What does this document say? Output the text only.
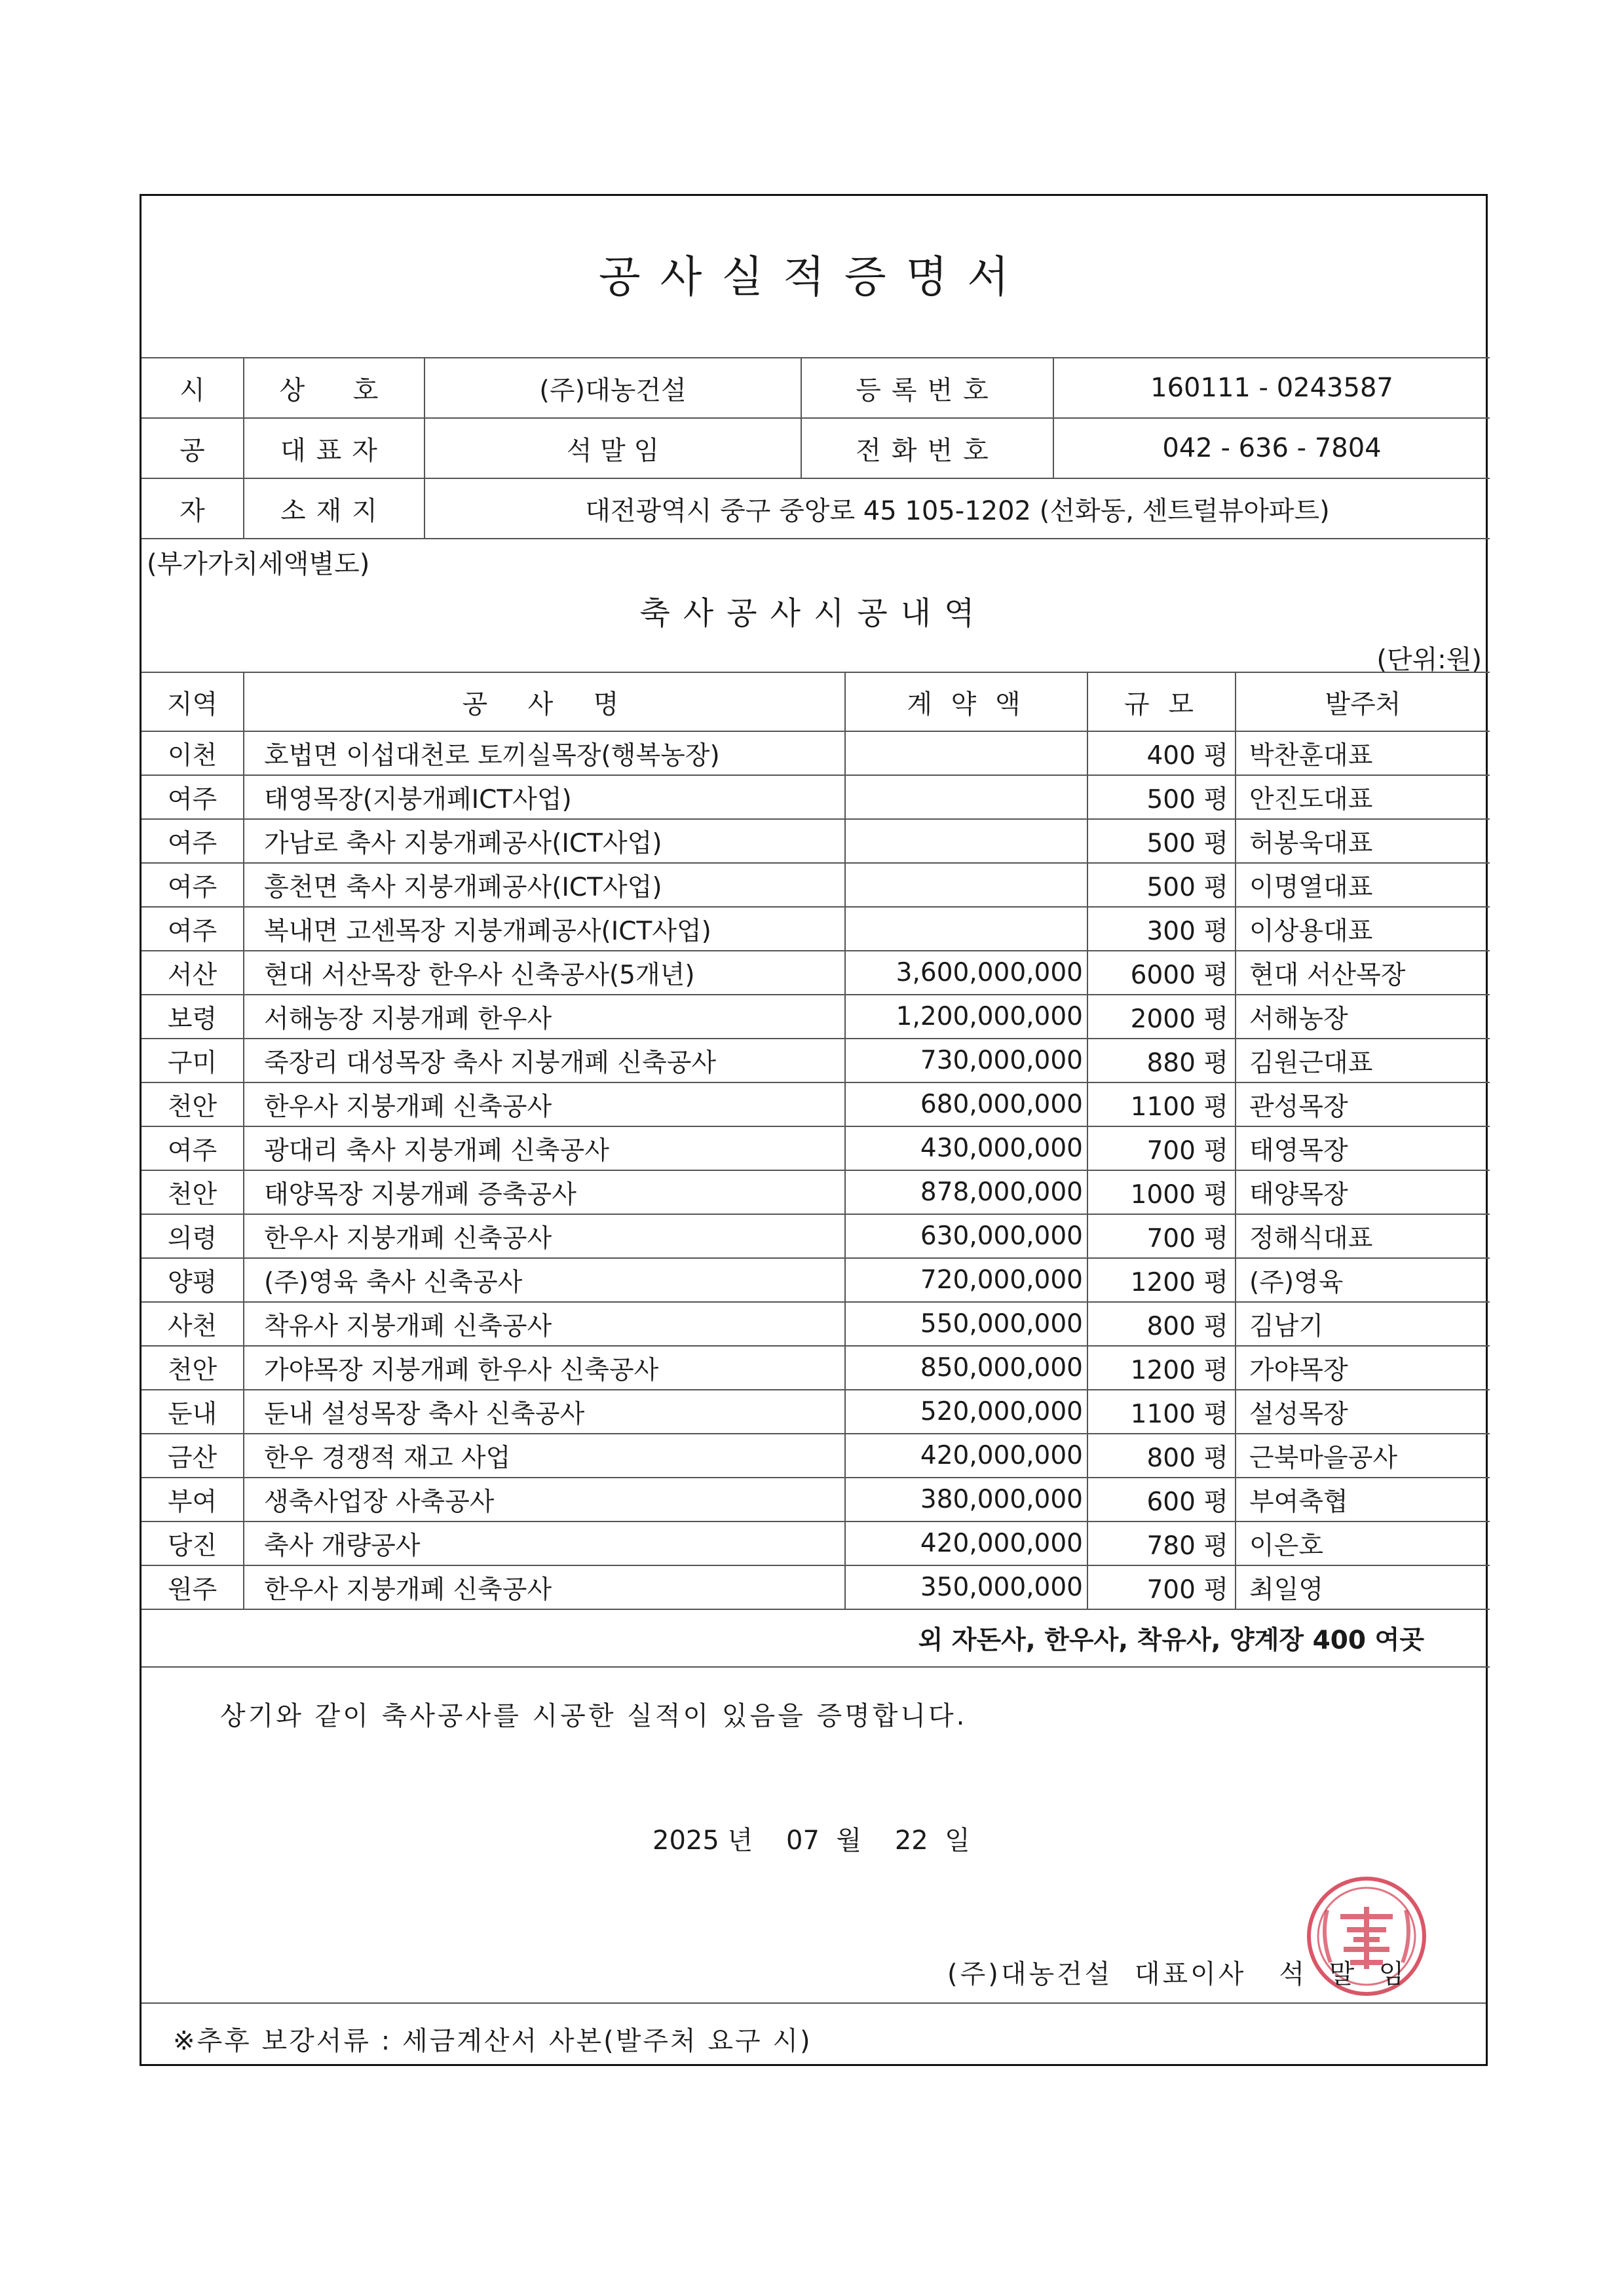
공사실적증명서
시	상  호	(주)대농건설	등록번호	160111 - 0243587
공	대표자	석 말 임	전화번호	042 - 636 - 7804
자	소재지	대전광역시 중구 중앙로 45 105-1202 (선화동, 센트럴뷰아파트)		
(부가가치세액별도)
축사공사시공내역
(단위:원)
지역	공  사  명	계 약 액	규 모	발주처
이천	호법면 이섭대천로 토끼실목장(행복농장)		400 평	박찬훈대표
여주	태영목장(지붕개폐ICT사업)		500 평	안진도대표
여주	가남로 축사 지붕개폐공사(ICT사업)		500 평	허봉욱대표
여주	흥천면 축사 지붕개폐공사(ICT사업)		500 평	이명열대표
여주	복내면 고센목장 지붕개폐공사(ICT사업)		300 평	이상용대표
서산	현대 서산목장 한우사 신축공사(5개년)	3,600,000,000	6000 평	현대 서산목장
보령	서해농장 지붕개폐 한우사	1,200,000,000	2000 평	서해농장
구미	죽장리 대성목장 축사 지붕개폐 신축공사	730,000,000	880 평	김원근대표
천안	한우사 지붕개폐 신축공사	680,000,000	1100 평	관성목장
여주	광대리 축사 지붕개폐 신축공사	430,000,000	700 평	태영목장
천안	태양목장 지붕개폐 증축공사	878,000,000	1000 평	태양목장
의령	한우사 지붕개폐 신축공사	630,000,000	700 평	정해식대표
양평	(주)영육 축사 신축공사	720,000,000	1200 평	(주)영육
사천	착유사 지붕개폐 신축공사	550,000,000	800 평	김남기
천안	가야목장 지붕개폐 한우사 신축공사	850,000,000	1200 평	가야목장
둔내	둔내 설성목장 축사 신축공사	520,000,000	1100 평	설성목장
금산	한우 경쟁적 재고 사업	420,000,000	800 평	근북마을공사
부여	생축사업장 사축공사	380,000,000	600 평	부여축협
당진	축사 개량공사	420,000,000	780 평	이은호
원주	한우사 지붕개폐 신축공사	350,000,000	700 평	최일영
외 자돈사, 한우사, 착유사, 양계장 400 여곳				
상기와 같이 축사공사를 시공한 실적이 있음을 증명합니다.
2025 년    07  월    22  일
(주)대농건설  대표이사   석  말  임
※추후 보강서류 : 세금계산서 사본(발주처 요구 시)
